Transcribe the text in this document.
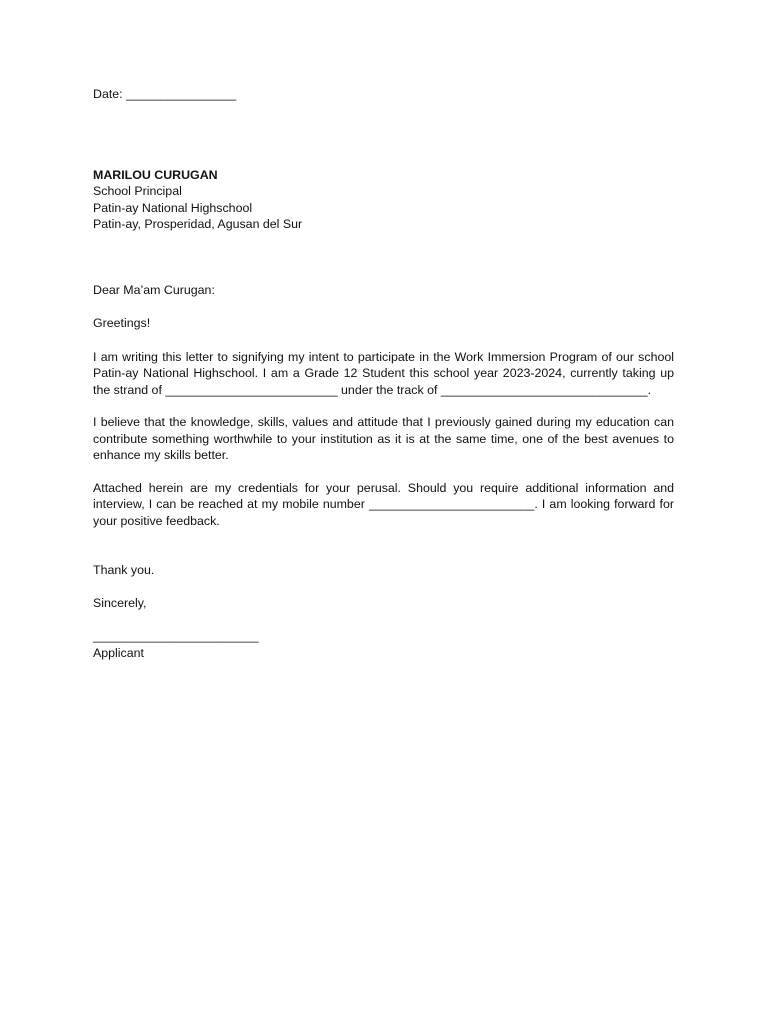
Date: ________________
MARILOU CURUGAN
School Principal
Patin-ay National Highschool
Patin-ay, Prosperidad, Agusan del Sur
Dear Ma’am Curugan:
Greetings!

I am writing this letter to signifying my intent to participate in the Work Immersion Program of our school Patin-ay National Highschool. I am a Grade 12 Student this school year 2023-2024, currently taking up the strand of _________________________ under the track of ______________________________.

I believe that the knowledge, skills, values and attitude that I previously gained during my education can contribute something worthwhile to your institution as it is at the same time, one of the best avenues to enhance my skills better.

Attached herein are my credentials for your perusal. Should you require additional information and interview, I can be reached at my mobile number ________________________. I am looking forward for your positive feedback.

Thank you.
Sincerely,
________________________
Applicant
